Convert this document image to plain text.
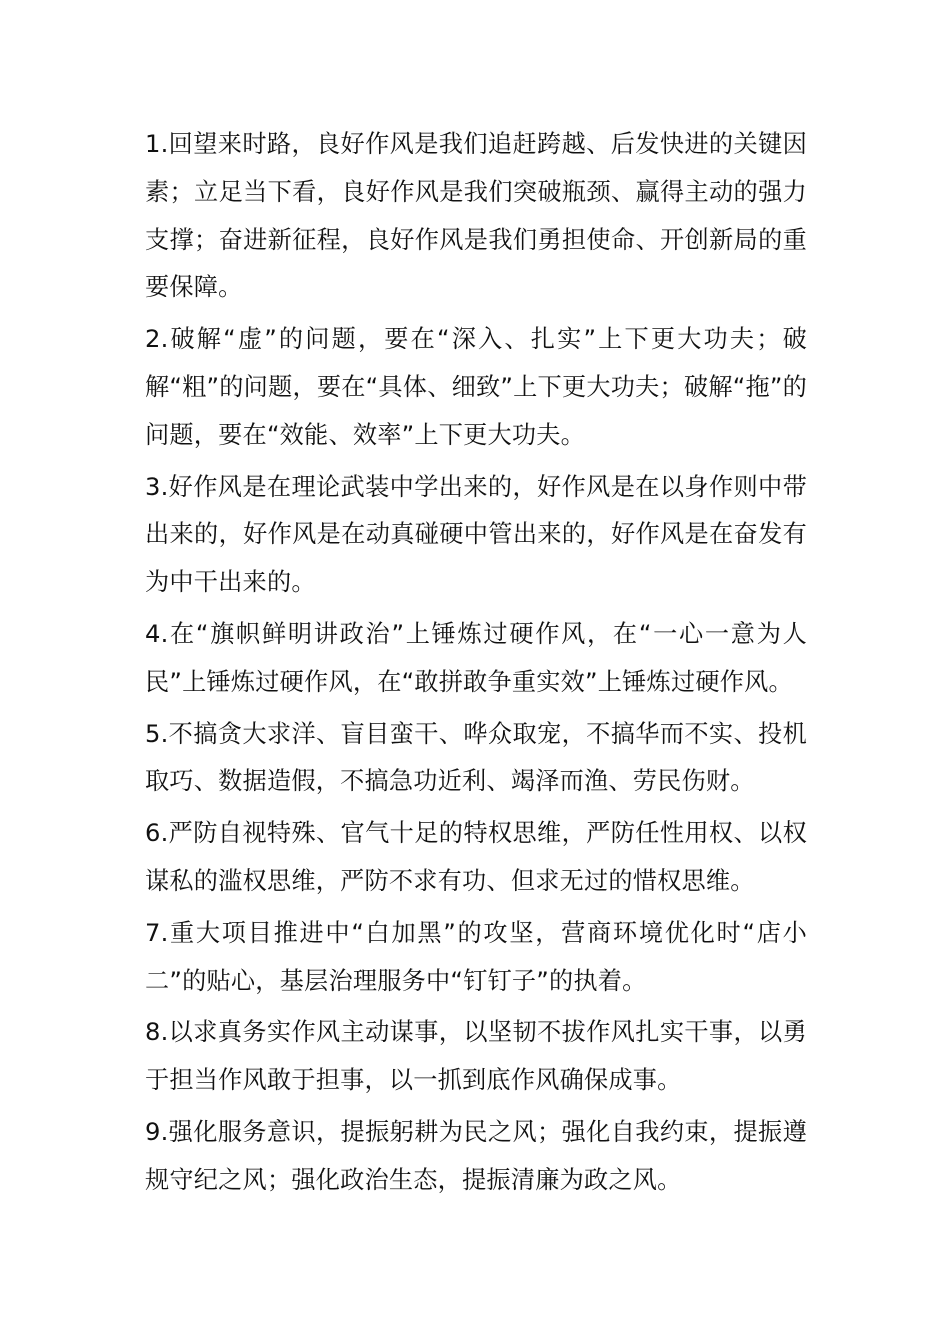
1.回望来时路，良好作风是我们追赶跨越、后发快进的关键因素；立足当下看，良好作风是我们突破瓶颈、赢得主动的强力支撑；奋进新征程，良好作风是我们勇担使命、开创新局的重要保障。

2.破解“虚”的问题，要在“深入、扎实”上下更大功夫；破解“粗”的问题，要在“具体、细致”上下更大功夫；破解“拖”的问题，要在“效能、效率”上下更大功夫。

3.好作风是在理论武装中学出来的，好作风是在以身作则中带出来的，好作风是在动真碰硬中管出来的，好作风是在奋发有为中干出来的。

4.在“旗帜鲜明讲政治”上锤炼过硬作风，在“一心一意为人民”上锤炼过硬作风，在“敢拼敢争重实效”上锤炼过硬作风。

5.不搞贪大求洋、盲目蛮干、哗众取宠，不搞华而不实、投机取巧、数据造假，不搞急功近利、竭泽而渔、劳民伤财。

6.严防自视特殊、官气十足的特权思维，严防任性用权、以权谋私的滥权思维，严防不求有功、但求无过的惜权思维。

7.重大项目推进中“白加黑”的攻坚，营商环境优化时“店小二”的贴心，基层治理服务中“钉钉子”的执着。

8.以求真务实作风主动谋事，以坚韧不拔作风扎实干事，以勇于担当作风敢于担事，以一抓到底作风确保成事。

9.强化服务意识，提振躬耕为民之风；强化自我约束，提振遵规守纪之风；强化政治生态，提振清廉为政之风。
